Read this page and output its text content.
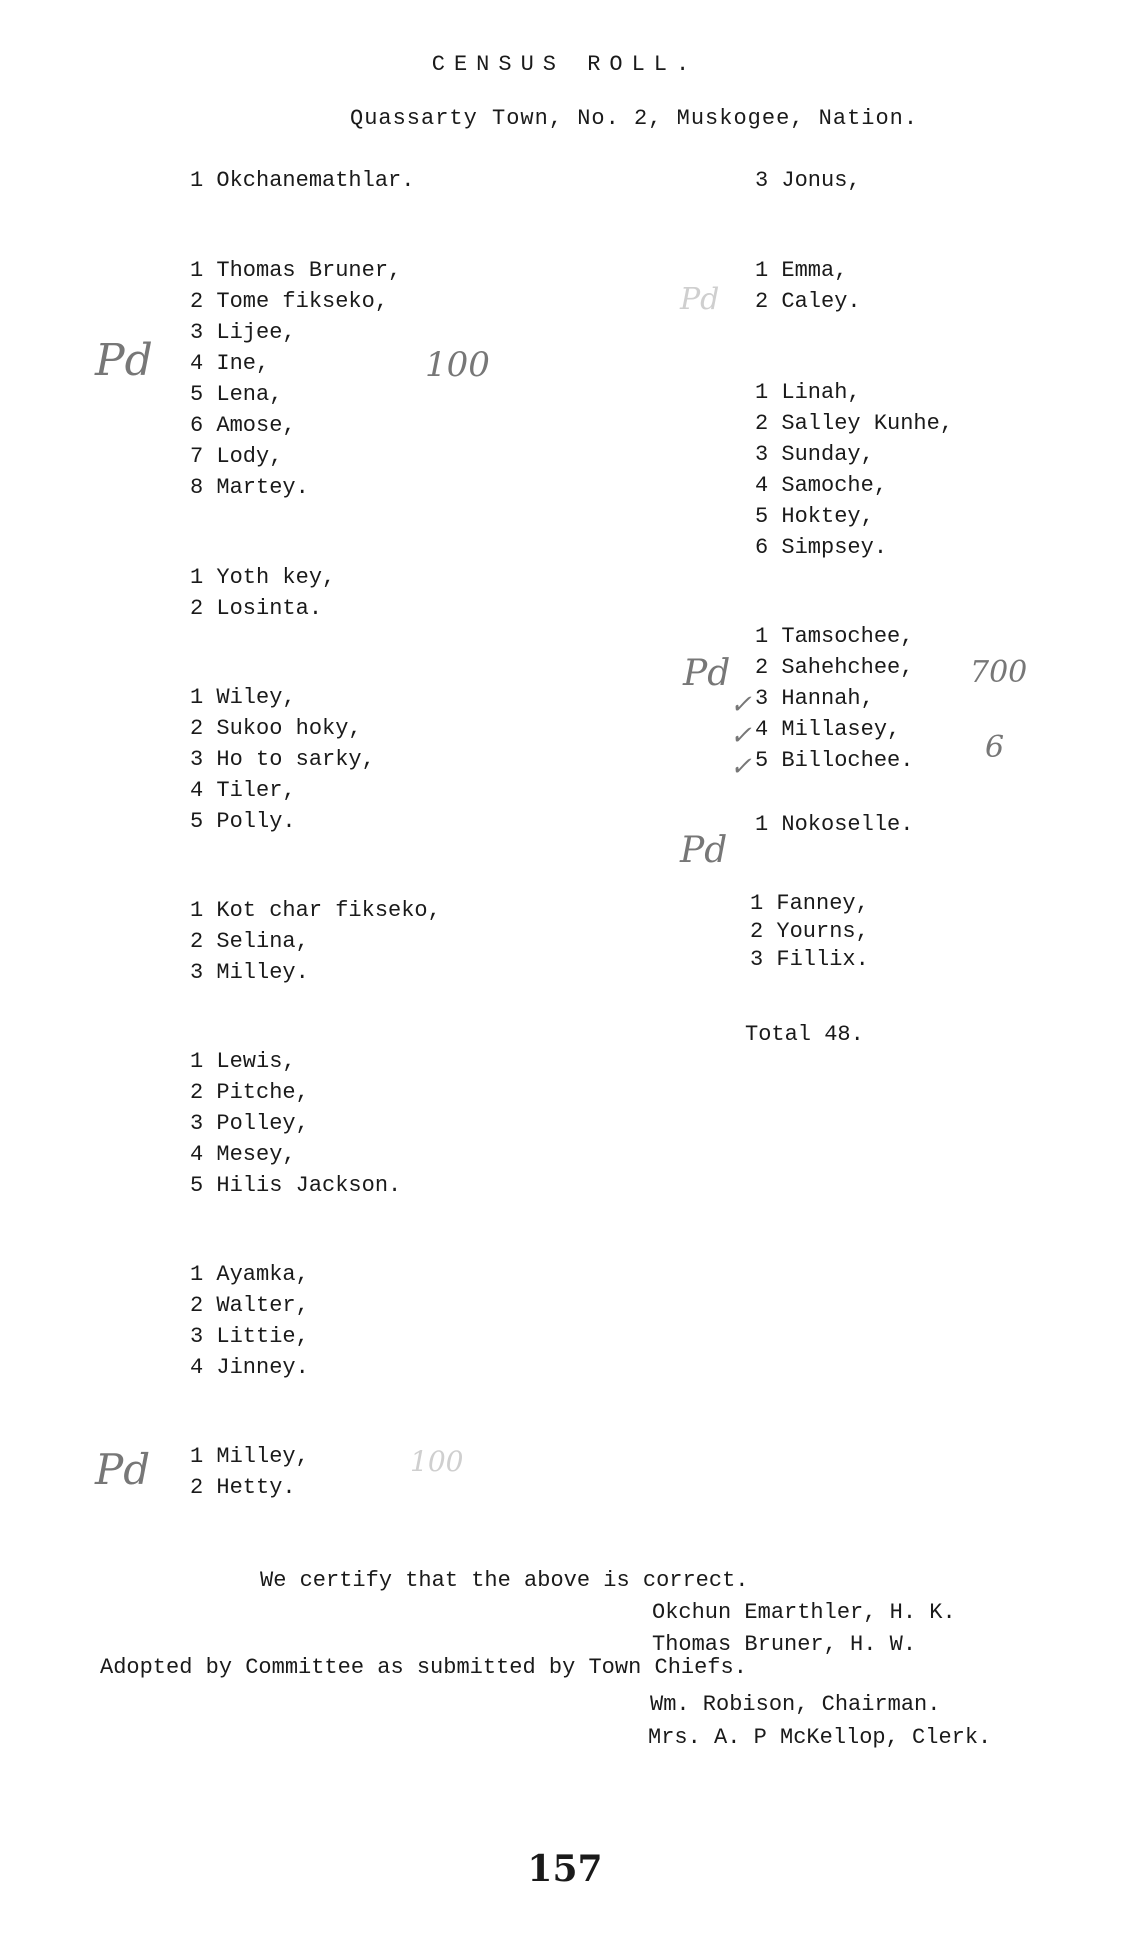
CENSUS ROLL.
Quassarty Town, No. 2, Muskogee, Nation.
1 Okchanemathlar.
1 Thomas Bruner,
2 Tome fikseko,
3 Lijee,
4 Ine,
5 Lena,
6 Amose,
7 Lody,
8 Martey.
1 Yoth key,
2 Losinta.
1 Wiley,
2 Sukoo hoky,
3 Ho to sarky,
4 Tiler,
5 Polly.
1 Kot char fikseko,
2 Selina,
3 Milley.
1 Lewis,
2 Pitche,
3 Polley,
4 Mesey,
5 Hilis Jackson.
1 Ayamka,
2 Walter,
3 Littie,
4 Jinney.
1 Milley,
2 Hetty.
3 Jonus,
1 Emma,
2 Caley.
1 Linah,
2 Salley Kunhe,
3 Sunday,
4 Samoche,
5 Hoktey,
6 Simpsey.
1 Tamsochee,
2 Sahehchee,
3 Hannah,
4 Millasey,
5 Billochee.
1 Nokoselle.
1 Fanney,
2 Yourns,
3 Fillix.
Total 48.
We certify that the above is correct.
Okchun Emarthler, H. K.
Thomas Bruner, H. W.
Adopted by Committee as submitted by Town Chiefs.
Wm. Robison, Chairman.
Mrs. A. P McKellop, Clerk.
157
Pd	100
Pd	700
✓
✓
✓
6
Pd
Pd
Pd	100
